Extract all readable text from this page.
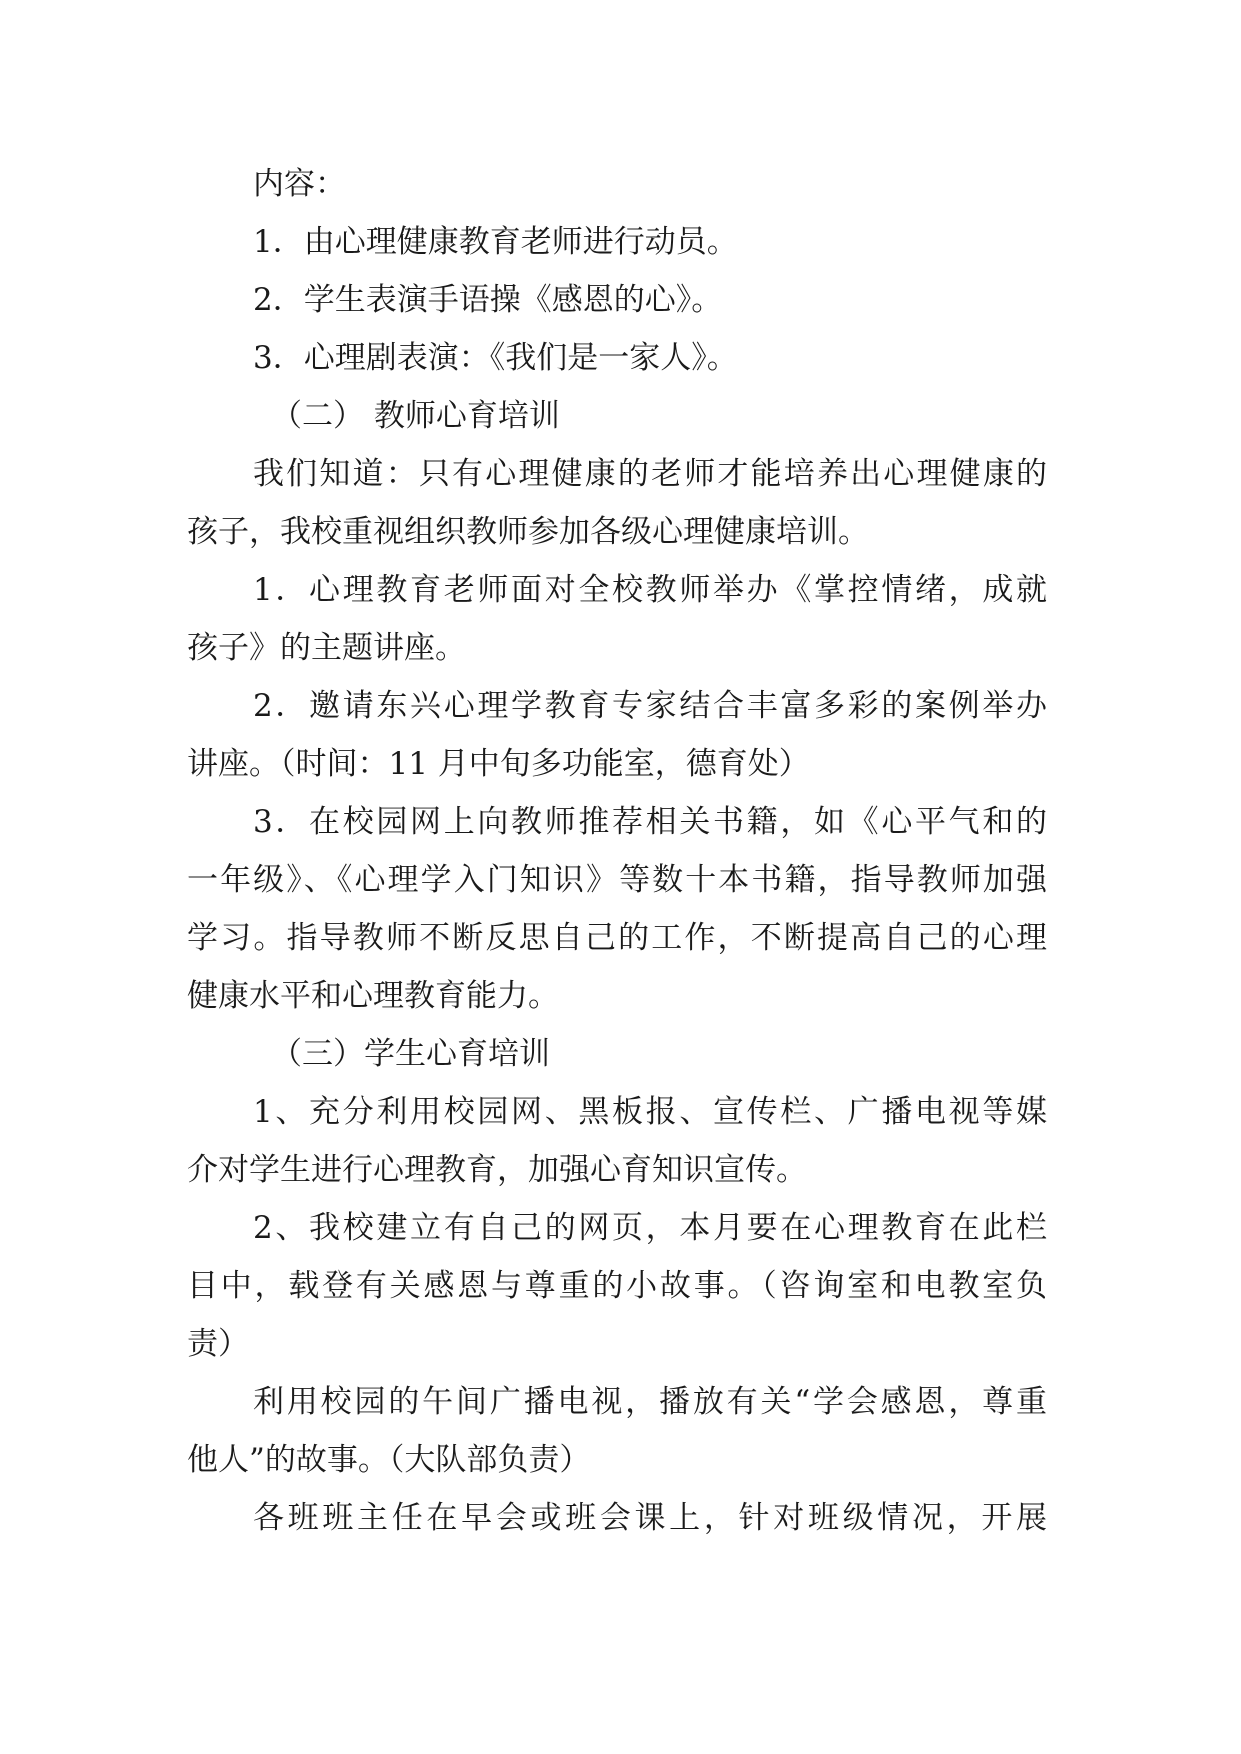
内容：
1．由心理健康教育老师进行动员。
2．学生表演手语操《感恩的心》。
3．心理剧表演：《我们是一家人》。
（二） 教师心育培训
我们知道：只有心理健康的老师才能培养出心理健康的
孩子，我校重视组织教师参加各级心理健康培训。
1．心理教育老师面对全校教师举办《掌控情绪，成就
孩子》的主题讲座。
2．邀请东兴心理学教育专家结合丰富多彩的案例举办
讲座。（时间：11 月中旬多功能室，德育处）
3．在校园网上向教师推荐相关书籍，如《心平气和的
一年级》、《心理学入门知识》等数十本书籍，指导教师加强
学习。指导教师不断反思自己的工作，不断提高自己的心理
健康水平和心理教育能力。
（三）学生心育培训
1、充分利用校园网、黑板报、宣传栏、广播电视等媒
介对学生进行心理教育，加强心育知识宣传。
2、我校建立有自己的网页，本月要在心理教育在此栏
目中，载登有关感恩与尊重的小故事。（咨询室和电教室负
责）
利用校园的午间广播电视，播放有关“学会感恩，尊重
他人”的故事。（大队部负责）
各班班主任在早会或班会课上，针对班级情况，开展
